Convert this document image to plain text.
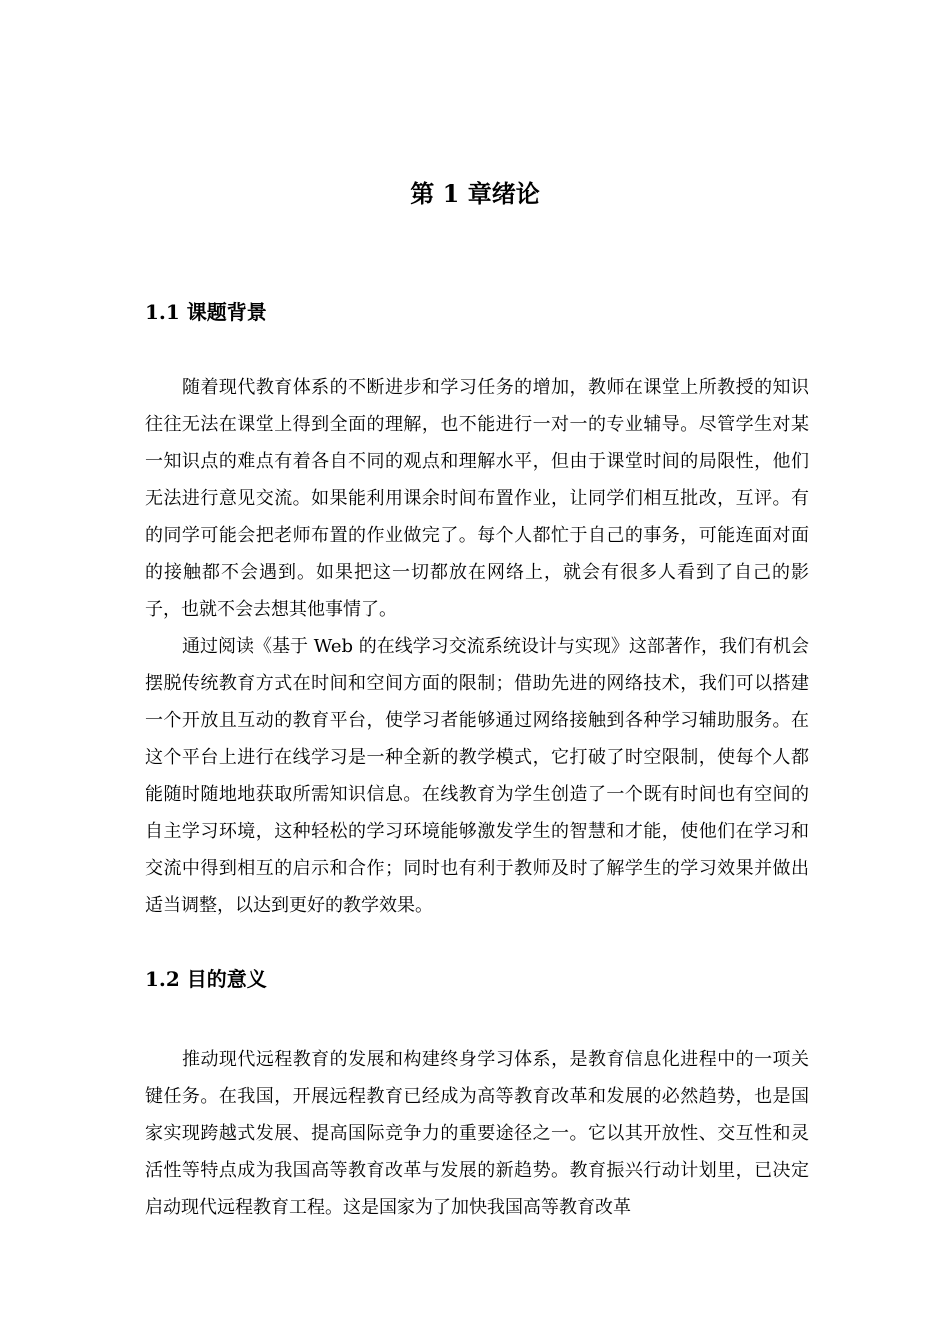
第 1 章绪论
1.1 课题背景

随着现代教育体系的不断进步和学习任务的增加，教师在课堂上所教授的知识往往无法在课堂上得到全面的理解，也不能进行一对一的专业辅导。尽管学生对某一知识点的难点有着各自不同的观点和理解水平，但由于课堂时间的局限性，他们无法进行意见交流。如果能利用课余时间布置作业，让同学们相互批改，互评。有的同学可能会把老师布置的作业做完了。每个人都忙于自己的事务，可能连面对面的接触都不会遇到。如果把这一切都放在网络上，就会有很多人看到了自己的影子，也就不会去想其他事情了。

通过阅读《基于 Web 的在线学习交流系统设计与实现》这部著作，我们有机会摆脱传统教育方式在时间和空间方面的限制；借助先进的网络技术，我们可以搭建一个开放且互动的教育平台，使学习者能够通过网络接触到各种学习辅助服务。在这个平台上进行在线学习是一种全新的教学模式，它打破了时空限制，使每个人都能随时随地地获取所需知识信息。在线教育为学生创造了一个既有时间也有空间的自主学习环境，这种轻松的学习环境能够激发学生的智慧和才能，使他们在学习和交流中得到相互的启示和合作；同时也有利于教师及时了解学生的学习效果并做出适当调整，以达到更好的教学效果。

1.2 目的意义

推动现代远程教育的发展和构建终身学习体系，是教育信息化进程中的一项关键任务。在我国，开展远程教育已经成为高等教育改革和发展的必然趋势，也是国家实现跨越式发展、提高国际竞争力的重要途径之一。它以其开放性、交互性和灵活性等特点成为我国高等教育改革与发展的新趋势。教育振兴行动计划里，已决定启动现代远程教育工程。这是国家为了加快我国高等教育改革
